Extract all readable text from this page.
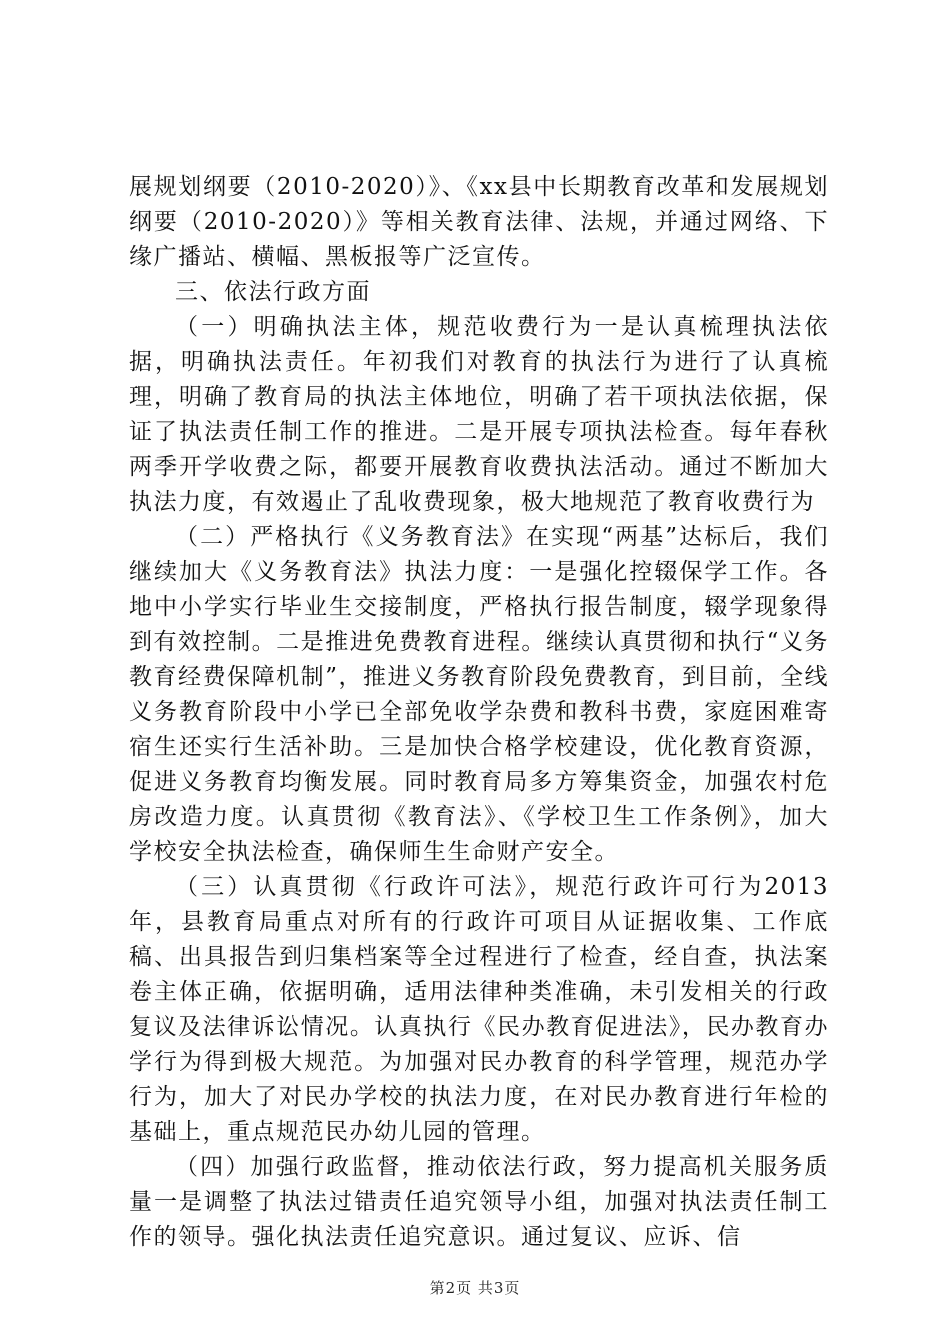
展规划纲要（2010-2020）》、《xx县中长期教育改革和发展规划纲要（2010-2020）》等相关教育法律、法规，并通过网络、下缘广播站、横幅、黑板报等广泛宣传。

三、依法行政方面

（一）明确执法主体，规范收费行为一是认真梳理执法依据，明确执法责任。年初我们对教育的执法行为进行了认真梳理，明确了教育局的执法主体地位，明确了若干项执法依据，保证了执法责任制工作的推进。二是开展专项执法检查。每年春秋两季开学收费之际，都要开展教育收费执法活动。通过不断加大执法力度，有效遏止了乱收费现象，极大地规范了教育收费行为

（二）严格执行《义务教育法》在实现“两基”达标后，我们继续加大《义务教育法》执法力度：一是强化控辍保学工作。各地中小学实行毕业生交接制度，严格执行报告制度，辍学现象得到有效控制。二是推进免费教育进程。继续认真贯彻和执行“义务教育经费保障机制”，推进义务教育阶段免费教育，到目前，全线义务教育阶段中小学已全部免收学杂费和教科书费，家庭困难寄宿生还实行生活补助。三是加快合格学校建设，优化教育资源，促进义务教育均衡发展。同时教育局多方筹集资金，加强农村危房改造力度。认真贯彻《教育法》、《学校卫生工作条例》，加大学校安全执法检查，确保师生生命财产安全。

（三）认真贯彻《行政许可法》，规范行政许可行为2013年，县教育局重点对所有的行政许可项目从证据收集、工作底稿、出具报告到归集档案等全过程进行了检查，经自查，执法案卷主体正确，依据明确，适用法律种类准确，未引发相关的行政复议及法律诉讼情况。认真执行《民办教育促进法》，民办教育办学行为得到极大规范。为加强对民办教育的科学管理，规范办学行为，加大了对民办学校的执法力度，在对民办教育进行年检的基础上，重点规范民办幼儿园的管理。

（四）加强行政监督，推动依法行政，努力提高机关服务质量一是调整了执法过错责任追究领导小组，加强对执法责任制工作的领导。强化执法责任追究意识。通过复议、应诉、信

第2页 共3页
